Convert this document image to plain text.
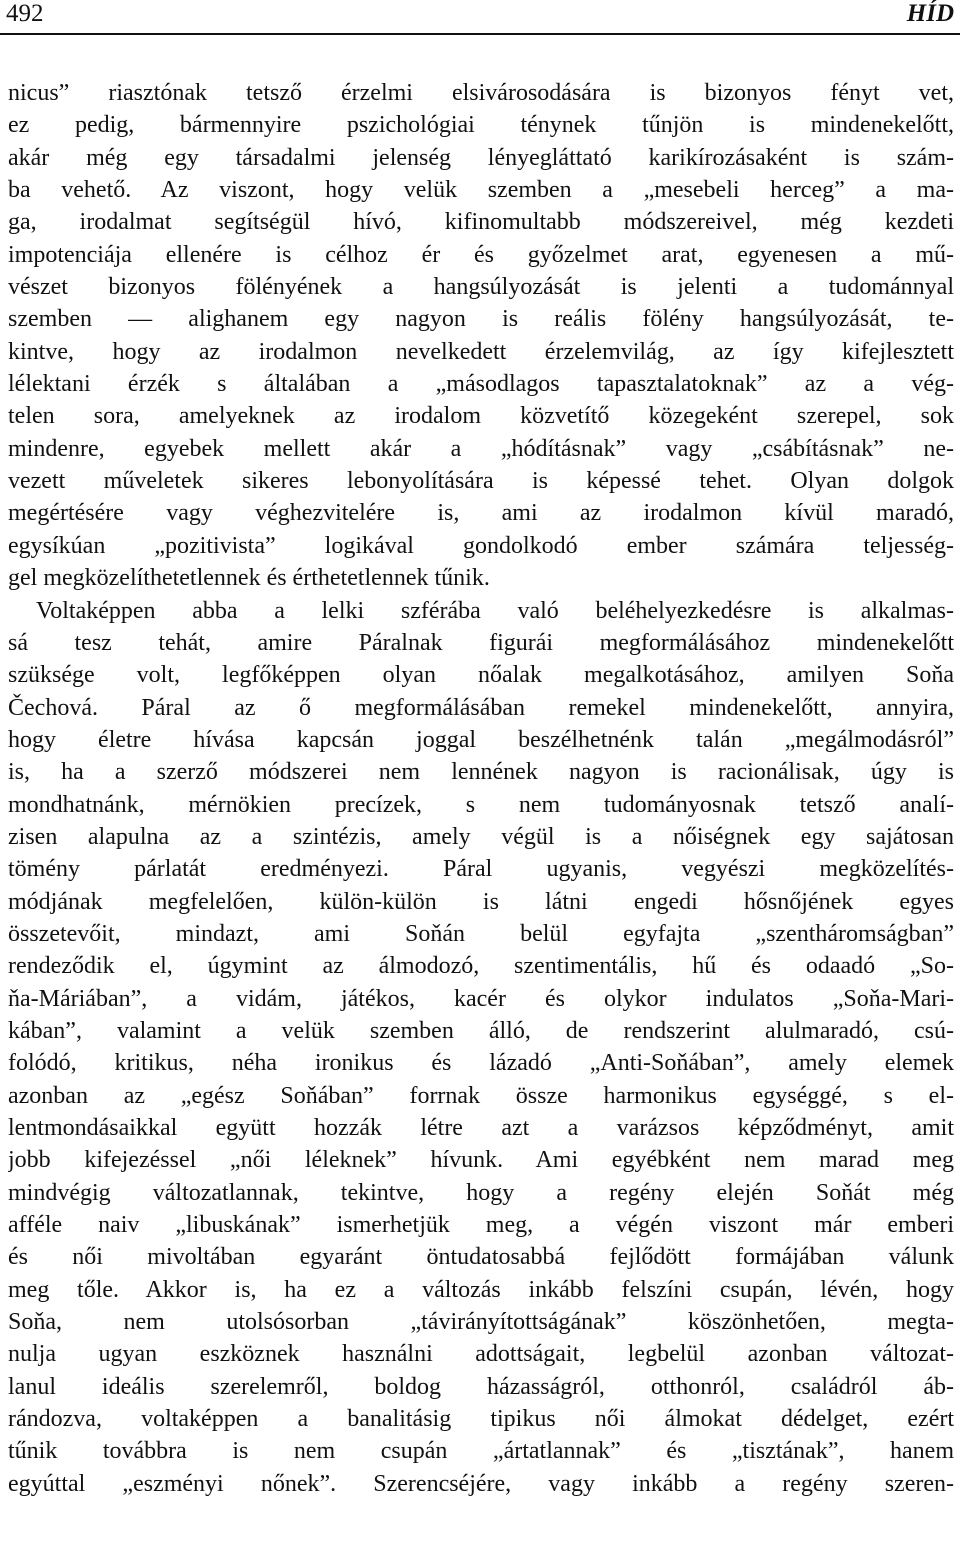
492	HÍD
nicus” riasztónak tetsző érzelmi elsivárosodására is bizonyos fényt vet,
ez pedig, bármennyire pszichológiai ténynek tűnjön is mindenekelőtt,
akár még egy társadalmi jelenség lényegláttató karikírozásaként is szám-
ba vehető. Az viszont, hogy velük szemben a „mesebeli herceg” a ma-
ga, irodalmat segítségül hívó, kifinomultabb módszereivel, még kezdeti
impotenciája ellenére is célhoz ér és győzelmet arat, egyenesen a mű-
vészet bizonyos fölényének a hangsúlyozását is jelenti a tudománnyal
szemben — alighanem egy nagyon is reális fölény hangsúlyozását, te-
kintve, hogy az irodalmon nevelkedett érzelemvilág, az így kifejlesztett
lélektani érzék s általában a „másodlagos tapasztalatoknak” az a vég-
telen sora, amelyeknek az irodalom közvetítő közegeként szerepel, sok
mindenre, egyebek mellett akár a „hódításnak” vagy „csábításnak” ne-
vezett műveletek sikeres lebonyolítására is képessé tehet. Olyan dolgok
megértésére vagy véghezvitelére is, ami az irodalmon kívül maradó,
egysíkúan „pozitivista” logikával gondolkodó ember számára teljesség-
gel megközelíthetetlennek és érthetetlennek tűnik.
Voltaképpen abba a lelki szférába való beléhelyezkedésre is alkalmas-
sá tesz tehát, amire Páralnak figurái megformálásához mindenekelőtt
szüksége volt, legfőképpen olyan nőalak megalkotásához, amilyen Soňa
Čechová. Páral az ő megformálásában remekel mindenekelőtt, annyira,
hogy életre hívása kapcsán joggal beszélhetnénk talán „megálmodásról”
is, ha a szerző módszerei nem lennének nagyon is racionálisak, úgy is
mondhatnánk, mérnökien precízek, s nem tudományosnak tetsző analí-
zisen alapulna az a szintézis, amely végül is a nőiségnek egy sajátosan
tömény párlatát eredményezi. Páral ugyanis, vegyészi megközelítés-
módjának megfelelően, külön-külön is látni engedi hősnőjének egyes
összetevőit, mindazt, ami Soňán belül egyfajta „szentháromságban”
rendeződik el, úgymint az álmodozó, szentimentális, hű és odaadó „So-
ňa-Máriában”, a vidám, játékos, kacér és olykor indulatos „Soňa-Mari-
kában”, valamint a velük szemben álló, de rendszerint alulmaradó, csú-
folódó, kritikus, néha ironikus és lázadó „Anti-Soňában”, amely elemek
azonban az „egész Soňában” forrnak össze harmonikus egységgé, s el-
lentmondásaikkal együtt hozzák létre azt a varázsos képződményt, amit
jobb kifejezéssel „női léleknek” hívunk. Ami egyébként nem marad meg
mindvégig változatlannak, tekintve, hogy a regény elején Soňát még
afféle naiv „libuskának” ismerhetjük meg, a végén viszont már emberi
és női mivoltában egyaránt öntudatosabbá fejlődött formájában válunk
meg tőle. Akkor is, ha ez a változás inkább felszíni csupán, lévén, hogy
Soňa, nem utolsósorban „távirányítottságának” köszönhetően, megta-
nulja ugyan eszköznek használni adottságait, legbelül azonban változat-
lanul ideális szerelemről, boldog házasságról, otthonról, családról áb-
rándozva, voltaképpen a banalitásig tipikus női álmokat dédelget, ezért
tűnik továbbra is nem csupán „ártatlannak” és „tisztának”, hanem
egyúttal „eszményi nőnek”. Szerencséjére, vagy inkább a regény szeren-
